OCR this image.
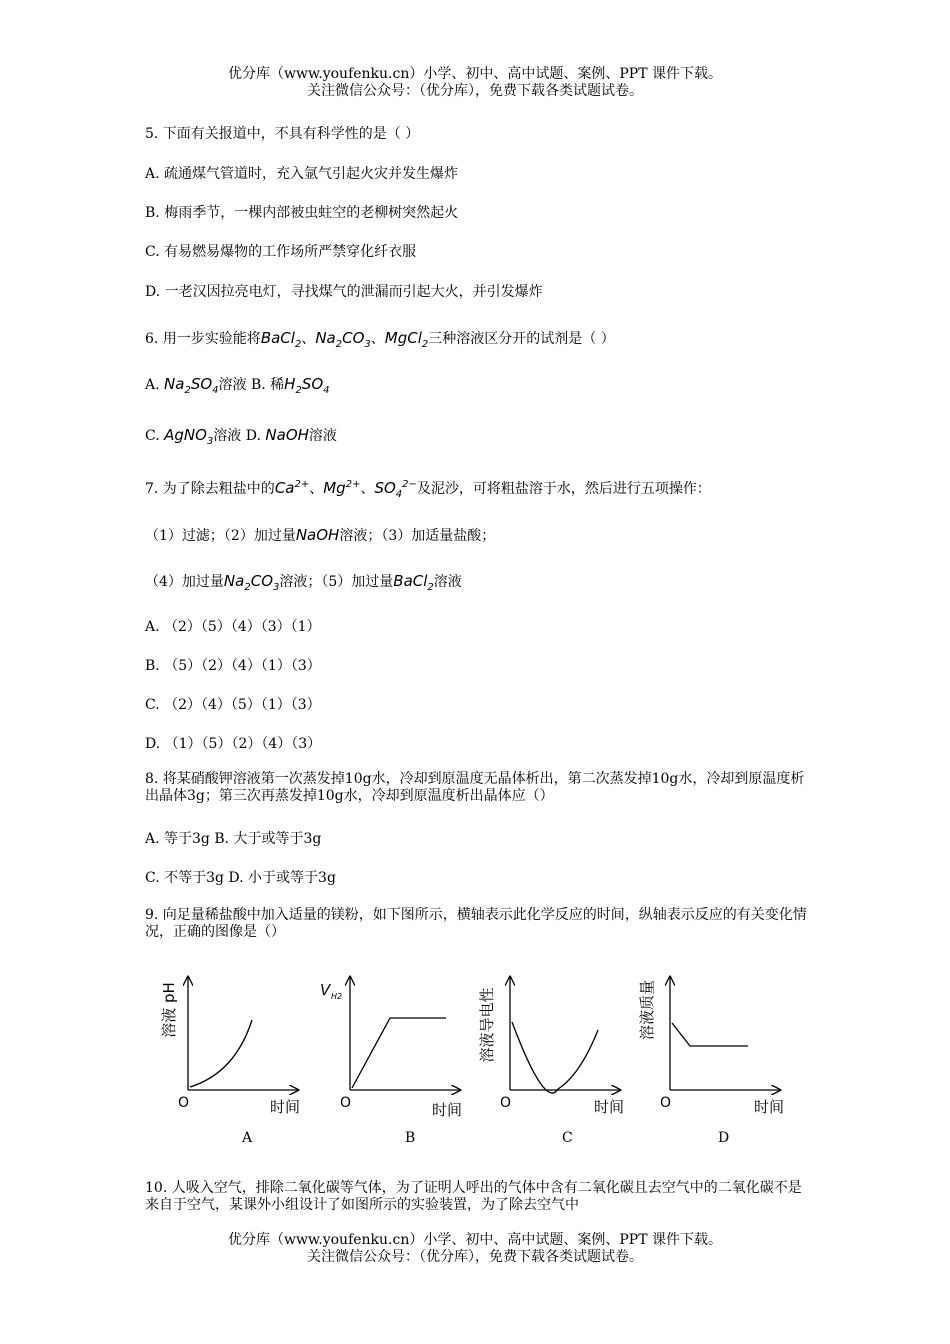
优分库（www.youfenku.cn）小学、初中、高中试题、案例、PPT 课件下载。
关注微信公众号：（优分库），免费下载各类试题试卷。
5. 下面有关报道中，不具有科学性的是（ ）
A. 疏通煤气管道时，充入氩气引起火灾并发生爆炸
B. 梅雨季节，一棵内部被虫蛀空的老柳树突然起火
C. 有易燃易爆物的工作场所严禁穿化纤衣服
D. 一老汉因拉亮电灯，寻找煤气的泄漏而引起大火，并引发爆炸
6. 用一步实验能将BaCl$_2$、$Na_2CO_3$、MgCl$_2$三种溶液区分开的试剂是（ ）
A. $Na_2SO_4$溶液 B. 稀$H_2SO_4$
C. AgNO$_3$溶液 D. NaOH溶液
7. 为了除去粗盐中的$Ca^{2+}$、$Mg^{2+}$、$SO_4^{2-}$及泥沙，可将粗盐溶于水，然后进行五项操作：
（1）过滤；（2）加过量NaOH溶液；（3）加适量盐酸；
（4）加过量$Na_2CO_3$溶液；（5）加过量BaCl$_2$溶液
A. （2）（5）（4）（3）（1）
B. （5）（2）（4）（1）（3）
C. （2）（4）（5）（1）（3）
D. （1）（5）（2）（4）（3）
8. 将某硝酸钾溶液第一次蒸发掉10g水，冷却到原温度无晶体析出，第二次蒸发掉10g水，冷却到原温度析出晶体3g；第三次再蒸发掉10g水，冷却到原温度析出晶体应（）
A. 等于3g B. 大于或等于3g
C. 不等于3g D. 小于或等于3g
9. 向足量稀盐酸中加入适量的镁粉，如下图所示，横轴表示此化学反应的时间，纵轴表示反应的有关变化情况，正确的图像是（）
溶液 pH
O	时间
A
V H2
O	时间
B
溶液导电性
O	时间
C
溶液质量
O	时间
D
10. 人吸入空气，排除二氧化碳等气体，为了证明人呼出的气体中含有二氧化碳且去空气中的二氧化碳不是来自于空气，某课外小组设计了如图所示的实验装置，为了除去空气中
优分库（www.youfenku.cn）小学、初中、高中试题、案例、PPT 课件下载。
关注微信公众号：（优分库），免费下载各类试题试卷。
